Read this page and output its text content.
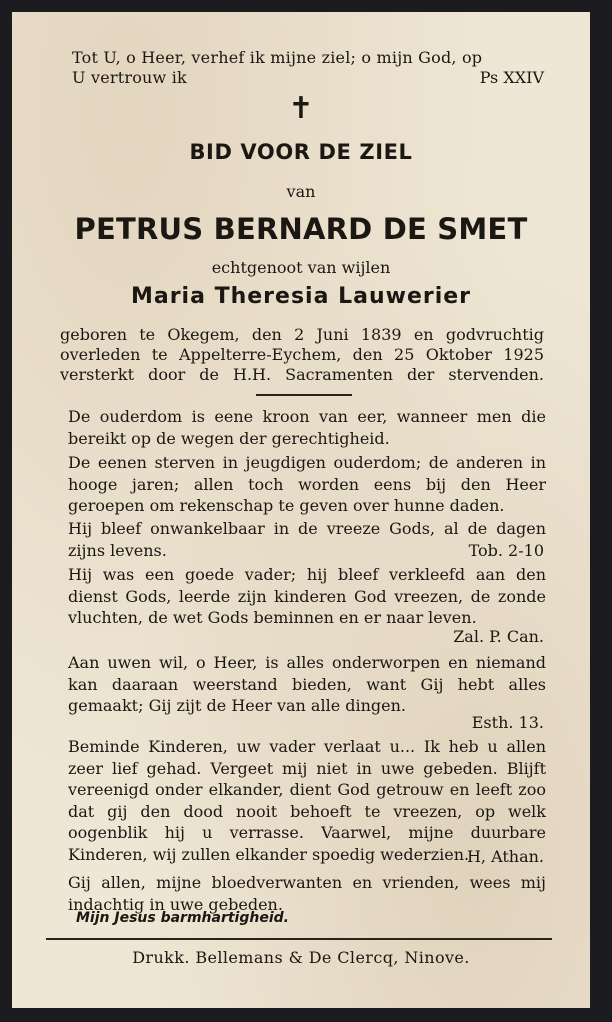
Tot U, o Heer, verhef ik mijne ziel; o mijn God, op
U vertrouw ik	Ps XXIV
✝
BID VOOR DE ZIEL
van
PETRUS BERNARD DE SMET
echtgenoot van wijlen
Maria Theresia Lauwerier
geboren te Okegem, den 2 Juni 1839 en godvruchtig
overleden te Appelterre-Eychem, den 25 Oktober 1925
versterkt door de H.H. Sacramenten der stervenden.
De ouderdom is eene kroon van eer, wanneer men die bereikt op de wegen der gerechtigheid.
De eenen sterven in jeugdigen ouderdom; de anderen in hooge jaren; allen toch worden eens bij den Heer geroepen om rekenschap te geven over hunne daden.
Hij bleef onwankelbaar in de vreeze Gods, al de dagen zijns levens.	Tob. 2-10
Hij was een goede vader; hij bleef verkleefd aan den dienst Gods, leerde zijn kinderen God vreezen, de zonde vluchten, de wet Gods beminnen en er naar leven.
Zal. P. Can.
Aan uwen wil, o Heer, is alles onderworpen en niemand kan daaraan weerstand bieden, want Gij hebt alles gemaakt; Gij zijt de Heer van alle dingen.
Esth. 13.
Beminde Kinderen, uw vader verlaat u... Ik heb u allen zeer lief gehad. Vergeet mij niet in uwe gebeden. Blijft vereenigd onder elkander, dient God getrouw en leeft zoo dat gij den dood nooit behoeft te vreezen, op welk oogenblik hij u verrasse. Vaarwel, mijne duurbare Kinderen, wij zullen elkander spoedig wederzien.
H, Athan.
Gij allen, mijne bloedverwanten en vrienden, wees mij indachtig in uwe gebeden.
Mijn Jesus barmhartigheid.
Drukk. Bellemans & De Clercq, Ninove.
